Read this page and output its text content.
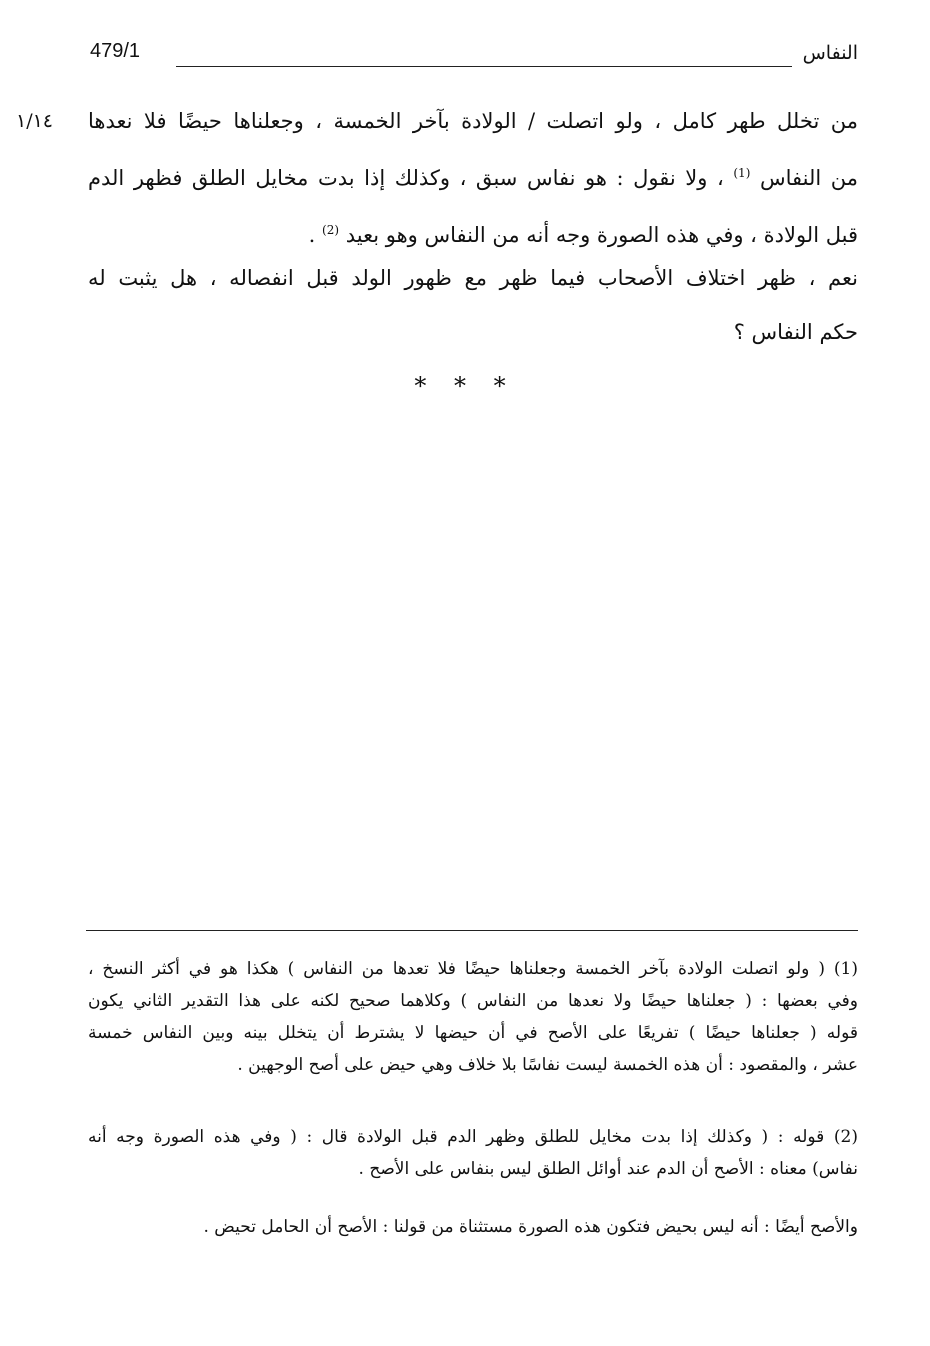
النفاس
479/1
١/١٤ من تخلل طهر كامل ، ولو اتصلت / الولادة بآخر الخمسة ، وجعلناها حيضًا فلا نعدها
من النفاس $^{(1)}$ ، ولا نقول : هو نفاس سبق ، وكذلك إذا بدت مخايل الطلق فظهر الدم
قبل الولادة ، وفي هذه الصورة وجه أنه من النفاس وهو بعيد $^{(2)}$ .
نعم ، ظهر اختلاف الأصحاب فيما ظهر مع ظهور الولد قبل انفصاله ، هل يثبت له
حكم النفاس ؟
* * *
(1) ( ولو اتصلت الولادة بآخر الخمسة وجعلناها حيضًا فلا تعدها من النفاس ) هكذا هو في أكثر النسخ ،
وفي بعضها : ( جعلناها حيضًا ولا نعدها من النفاس ) وكلاهما صحيح لكنه على هذا التقدير الثاني يكون
قوله ( جعلناها حيضًا ) تفريعًا على الأصح في أن حيضها لا يشترط أن يتخلل بينه وبين النفاس خمسة
عشر ، والمقصود : أن هذه الخمسة ليست نفاسًا بلا خلاف وهي حيض على أصح الوجهين .
(2) قوله : ( وكذلك إذا بدت مخايل للطلق وظهر الدم قبل الولادة قال : ( وفي هذه الصورة وجه أنه
نفاس) معناه : الأصح أن الدم عند أوائل الطلق ليس بنفاس على الأصح .
والأصح أيضًا : أنه ليس بحيض فتكون هذه الصورة مستثناة من قولنا : الأصح أن الحامل تحيض .
